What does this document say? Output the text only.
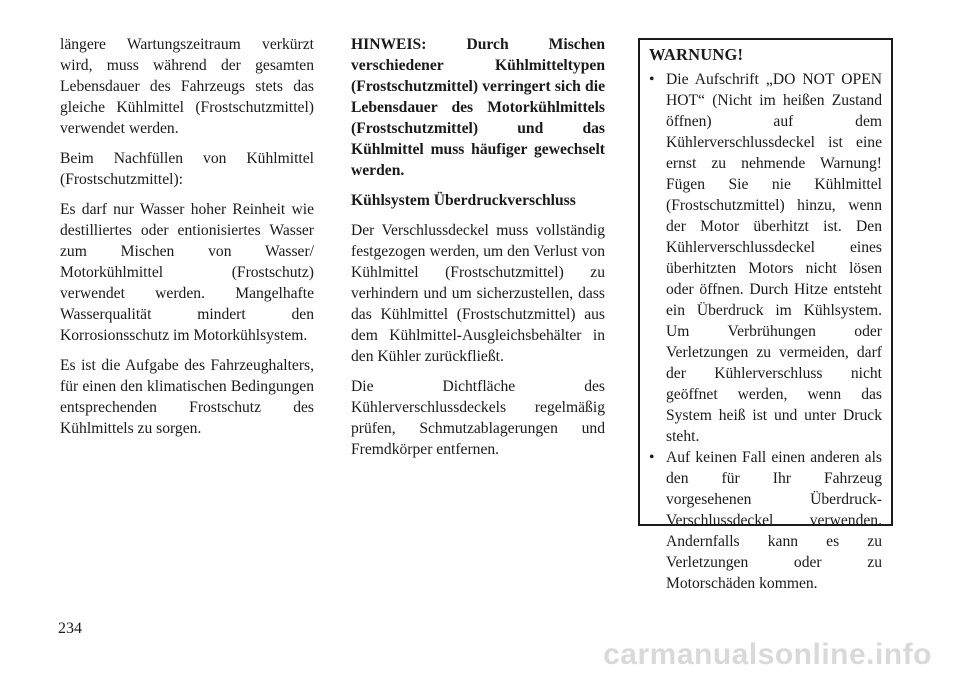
längere Wartungszeitraum verkürzt wird, muss während der gesamten Lebensdauer des Fahrzeugs stets das gleiche Kühlmittel (Frostschutzmittel) verwendet werden.

Beim Nachfüllen von Kühlmittel (Frostschutzmittel):

Es darf nur Wasser hoher Reinheit wie destilliertes oder entionisiertes Wasser zum Mischen von Wasser/ Motorkühlmittel (Frostschutz) verwendet werden. Mangelhafte Wasserqualität mindert den Korrosionsschutz im Motorkühlsystem.

Es ist die Aufgabe des Fahrzeughalters, für einen den klimatischen Bedingungen entsprechenden Frostschutz des Kühlmittels zu sorgen.

HINWEIS: Durch Mischen verschiedener Kühlmitteltypen (Frostschutzmittel) verringert sich die Lebensdauer des Motorkühlmittels (Frostschutzmittel) und das Kühlmittel muss häufiger gewechselt werden.

Kühlsystem Überdruckverschluss

Der Verschlussdeckel muss vollständig festgezogen werden, um den Verlust von Kühlmittel (Frostschutzmittel) zu verhindern und um sicherzustellen, dass das Kühlmittel (Frostschutzmittel) aus dem Kühlmittel-Ausgleichsbehälter in den Kühler zurückfließt.

Die Dichtfläche des Kühlerverschlussdeckels regelmäßig prüfen, Schmutzablagerungen und Fremdkörper entfernen.

WARNUNG!
• Die Aufschrift „DO NOT OPEN HOT“ (Nicht im heißen Zustand öffnen) auf dem Kühlerverschlussdeckel ist eine ernst zu nehmende Warnung! Fügen Sie nie Kühlmittel (Frostschutzmittel) hinzu, wenn der Motor überhitzt ist. Den Kühlerverschlussdeckel eines überhitzten Motors nicht lösen oder öffnen. Durch Hitze entsteht ein Überdruck im Kühlsystem. Um Verbrühungen oder Verletzungen zu vermeiden, darf der Kühlerverschluss nicht geöffnet werden, wenn das System heiß ist und unter Druck steht.
• Auf keinen Fall einen anderen als den für Ihr Fahrzeug vorgesehenen Überdruck-Verschlussdeckel verwenden. Andernfalls kann es zu Verletzungen oder zu Motorschäden kommen.
234
carmanualsonline.info
